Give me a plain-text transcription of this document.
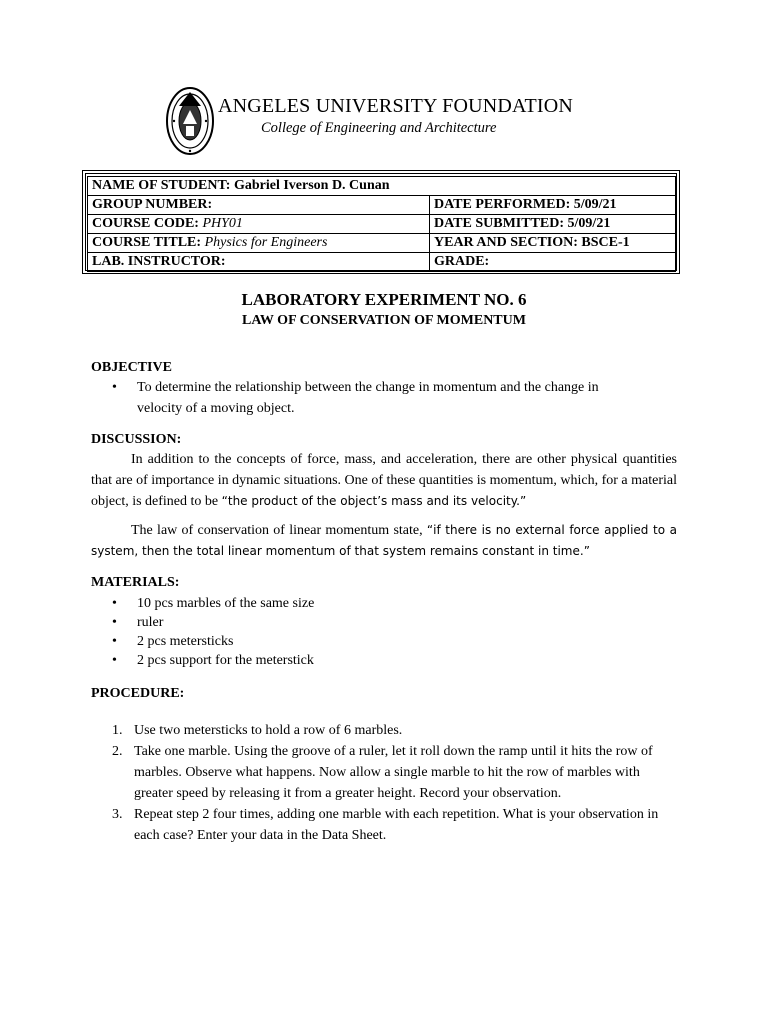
ANGELES UNIVERSITY FOUNDATION
College of Engineering and Architecture
NAME OF STUDENT: Gabriel Iverson D. Cunan	
GROUP NUMBER:	DATE PERFORMED: 5/09/21
COURSE CODE: PHY01	DATE SUBMITTED: 5/09/21
COURSE TITLE: Physics for Engineers	YEAR AND SECTION: BSCE-1
LAB. INSTRUCTOR:	GRADE:
LABORATORY EXPERIMENT NO. 6
LAW OF CONSERVATION OF MOMENTUM
OBJECTIVE
• To determine the relationship between the change in momentum and the change in
velocity of a moving object.
DISCUSSION:
In addition to the concepts of force, mass, and acceleration, there are other physical quantities that are of importance in dynamic situations. One of these quantities is momentum, which, for a material object, is defined to be “the product of the object’s mass and its velocity.”
The law of conservation of linear momentum state, “if there is no external force applied to a system, then the total linear momentum of that system remains constant in time.”
MATERIALS:
• 10 pcs marbles of the same size
• ruler
• 2 pcs metersticks
• 2 pcs support for the meterstick
PROCEDURE:
1. Use two metersticks to hold a row of 6 marbles.
2. Take one marble. Using the groove of a ruler, let it roll down the ramp until it hits the row of marbles. Observe what happens. Now allow a single marble to hit the row of marbles with greater speed by releasing it from a greater height. Record your observation.
3. Repeat step 2 four times, adding one marble with each repetition. What is your observation in each case? Enter your data in the Data Sheet.
